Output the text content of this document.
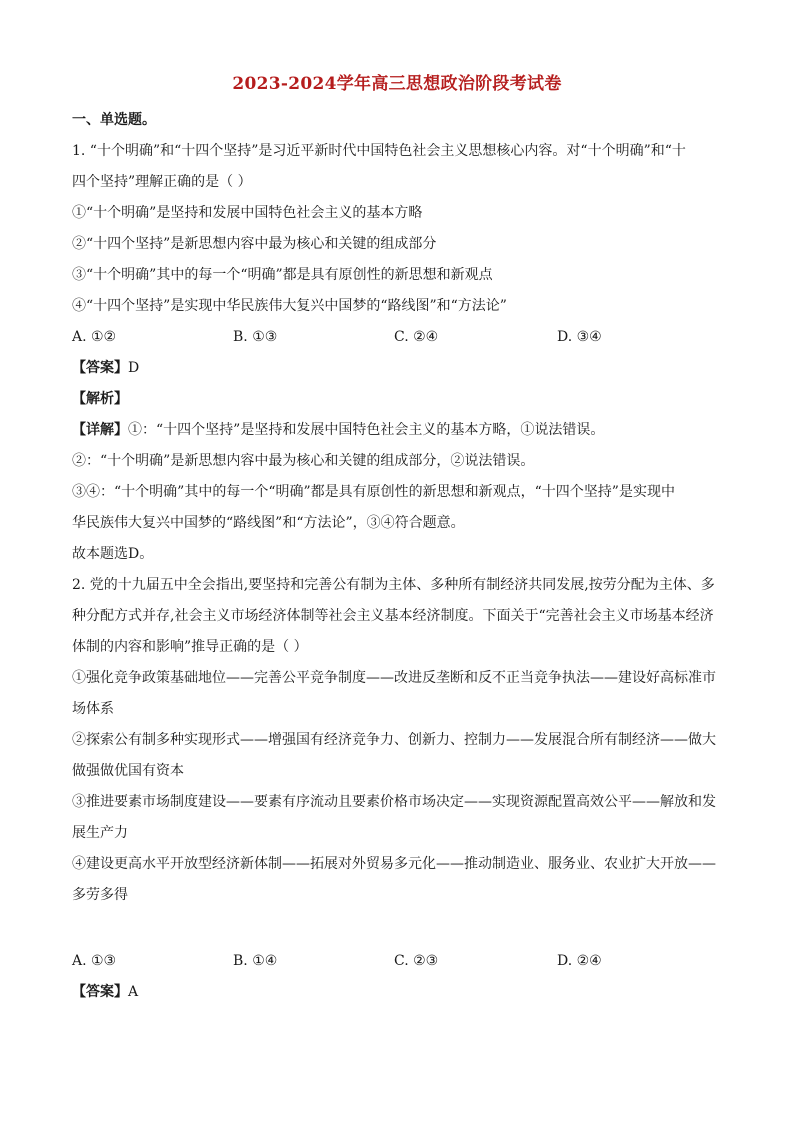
2023-2024学年高三思想政治阶段考试卷
一、单选题。
1. “十个明确”和“十四个坚持”是习近平新时代中国特色社会主义思想核心内容。对“十个明确”和“十
四个坚持”理解正确的是（ ）
①“十个明确”是坚持和发展中国特色社会主义的基本方略
②“十四个坚持”是新思想内容中最为核心和关键的组成部分
③“十个明确”其中的每一个“明确”都是具有原创性的新思想和新观点
④“十四个坚持”是实现中华民族伟大复兴中国梦的“路线图”和“方法论”
A. ①②	B. ①③	C. ②④	D. ③④
【答案】D
【解析】
【详解】①：“十四个坚持”是坚持和发展中国特色社会主义的基本方略，①说法错误。
②：“十个明确”是新思想内容中最为核心和关键的组成部分，②说法错误。
③④：“十个明确”其中的每一个“明确”都是具有原创性的新思想和新观点，“十四个坚持”是实现中
华民族伟大复兴中国梦的“路线图”和“方法论”，③④符合题意。
故本题选D。
2. 党的十九届五中全会指出,要坚持和完善公有制为主体、多种所有制经济共同发展,按劳分配为主体、多
种分配方式并存,社会主义市场经济体制等社会主义基本经济制度。下面关于“完善社会主义市场基本经济
体制的内容和影响”推导正确的是（ ）
①强化竞争政策基础地位——完善公平竞争制度——改进反垄断和反不正当竞争执法——建设好高标准市
场体系
②探索公有制多种实现形式——增强国有经济竞争力、创新力、控制力——发展混合所有制经济——做大
做强做优国有资本
③推进要素市场制度建设——要素有序流动且要素价格市场决定——实现资源配置高效公平——解放和发
展生产力
④建设更高水平开放型经济新体制——拓展对外贸易多元化——推动制造业、服务业、农业扩大开放——
多劳多得
A. ①③	B. ①④	C. ②③	D. ②④
【答案】A
